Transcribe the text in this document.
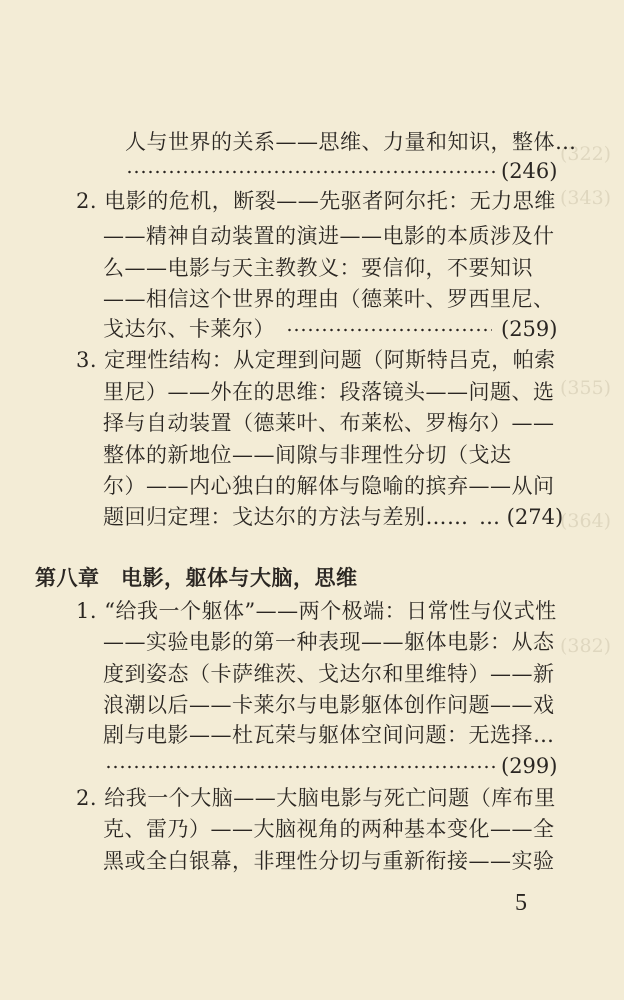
(322)
(343)
(355)
(364)
(382)
人与世界的关系——思维、力量和知识，整体…
(246)
2. 电影的危机，断裂——先驱者阿尔托：无力思维
——精神自动装置的演进——电影的本质涉及什
么——电影与天主教教义：要信仰，不要知识
——相信这个世界的理由（德莱叶、罗西里尼、
戈达尔、卡莱尔）	(259)
3. 定理性结构：从定理到问题（阿斯特吕克，帕索
里尼）——外在的思维：段落镜头——问题、选
择与自动装置（德莱叶、布莱松、罗梅尔）——
整体的新地位——间隙与非理性分切（戈达
尔）——内心独白的解体与隐喻的摈弃——从问
题回归定理：戈达尔的方法与差别…… … (274)
第八章　电影，躯体与大脑，思维
1. “给我一个躯体”——两个极端：日常性与仪式性
——实验电影的第一种表现——躯体电影：从态
度到姿态（卡萨维茨、戈达尔和里维特）——新
浪潮以后——卡莱尔与电影躯体创作问题——戏
剧与电影——杜瓦荣与躯体空间问题：无选择…
(299)
2. 给我一个大脑——大脑电影与死亡问题（库布里
克、雷乃）——大脑视角的两种基本变化——全
黑或全白银幕，非理性分切与重新衔接——实验
5
